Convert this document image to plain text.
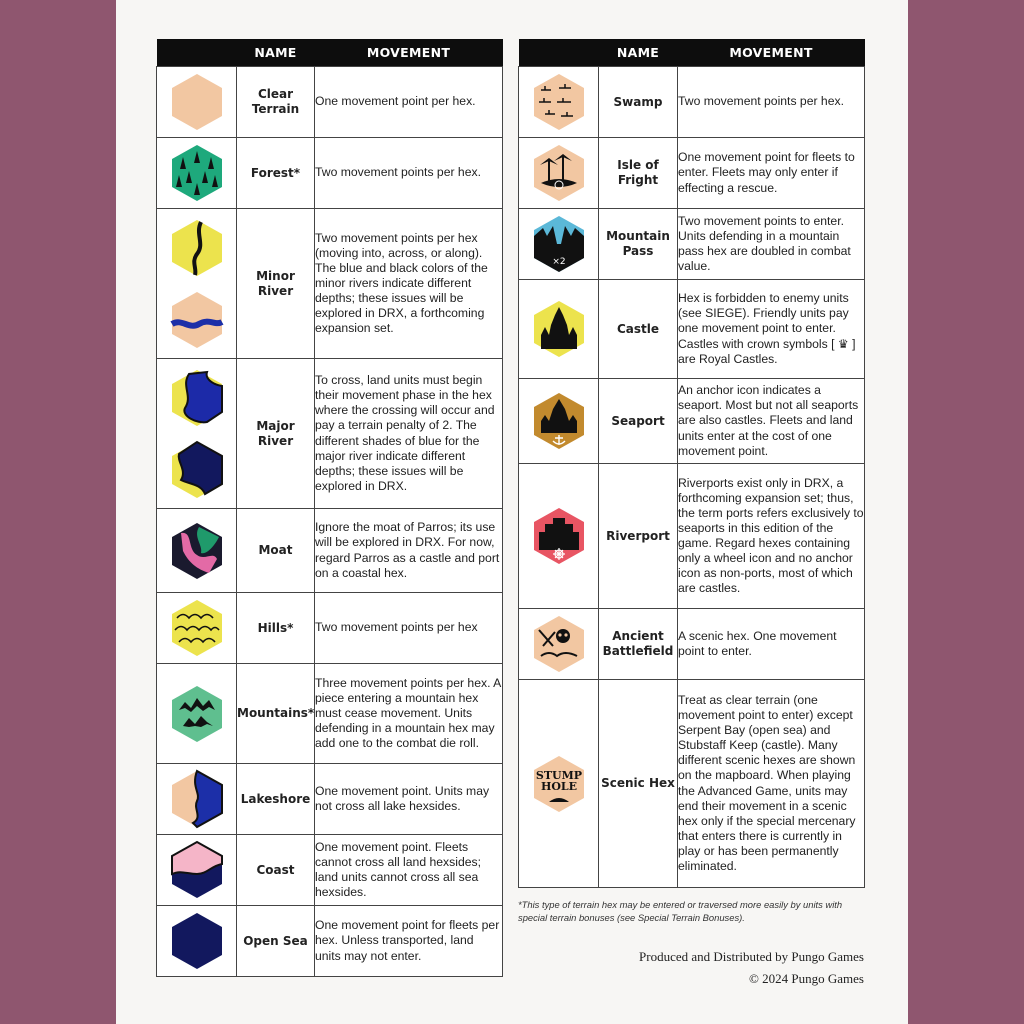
	NAME	MOVEMENT

	Clear Terrain	One movement point per hex.

	Forest*	Two movement points per hex.

	Minor River	Two movement points per hex (moving into, across, or along). The blue and black colors of the minor rivers indicate different depths; these issues will be explored in DRX, a forthcoming expansion set.

	Major River	To cross, land units must begin their movement phase in the hex where the crossing will occur and pay a terrain penalty of 2. The different shades of blue for the major river indicate different depths; these issues will be explored in DRX.

	Moat	Ignore the moat of Parros; its use will be explored in DRX. For now, regard Parros as a castle and port on a coastal hex.

	Hills*	Two movement points per hex

	Mountains*	Three movement points per hex. A piece entering a mountain hex must cease movement. Units defending in a mountain hex may add one to the combat die roll.

	Lakeshore	One movement point. Units may not cross all lake hexsides.

	Coast	One movement point. Fleets cannot cross all land hexsides; land units cannot cross all sea hexsides.

	Open Sea	One movement point for fleets per hex. Unless transported, land units may not enter.
	NAME	MOVEMENT

	Swamp	Two movement points per hex.

	Isle of Fright	One movement point for fleets to enter. Fleets may only enter if effecting a rescue.

×2	Mountain Pass	Two movement points to enter. Units defending in a mountain pass hex are doubled in combat value.

	Castle	Hex is forbidden to enemy units (see SIEGE). Friendly units pay one movement point to enter. Castles with crown symbols [ ♛ ] are Royal Castles.

	Seaport	An anchor icon indicates a seaport. Most but not all seaports are also castles. Fleets and land units enter at the cost of one movement point.

	Riverport	Riverports exist only in DRX, a forthcoming expansion set; thus, the term ports refers exclusively to seaports in this edition of the game. Regard hexes containing only a wheel icon and no anchor icon as non-ports, most of which are castles.

	Ancient Battlefield	A scenic hex. One movement point to enter.

STUMP
HOLE	Scenic Hex	Treat as clear terrain (one movement point to enter) except Serpent Bay (open sea) and Stubstaff Keep (castle). Many different scenic hexes are shown on the mapboard. When playing the Advanced Game, units may end their movement in a scenic hex only if the special mercenary that enters there is currently in play or has been permanently eliminated.
*This type of terrain hex may be entered or traversed more easily by units with special terrain bonuses (see Special Terrain Bonuses).
Produced and Distributed by Pungo Games
© 2024 Pungo Games
